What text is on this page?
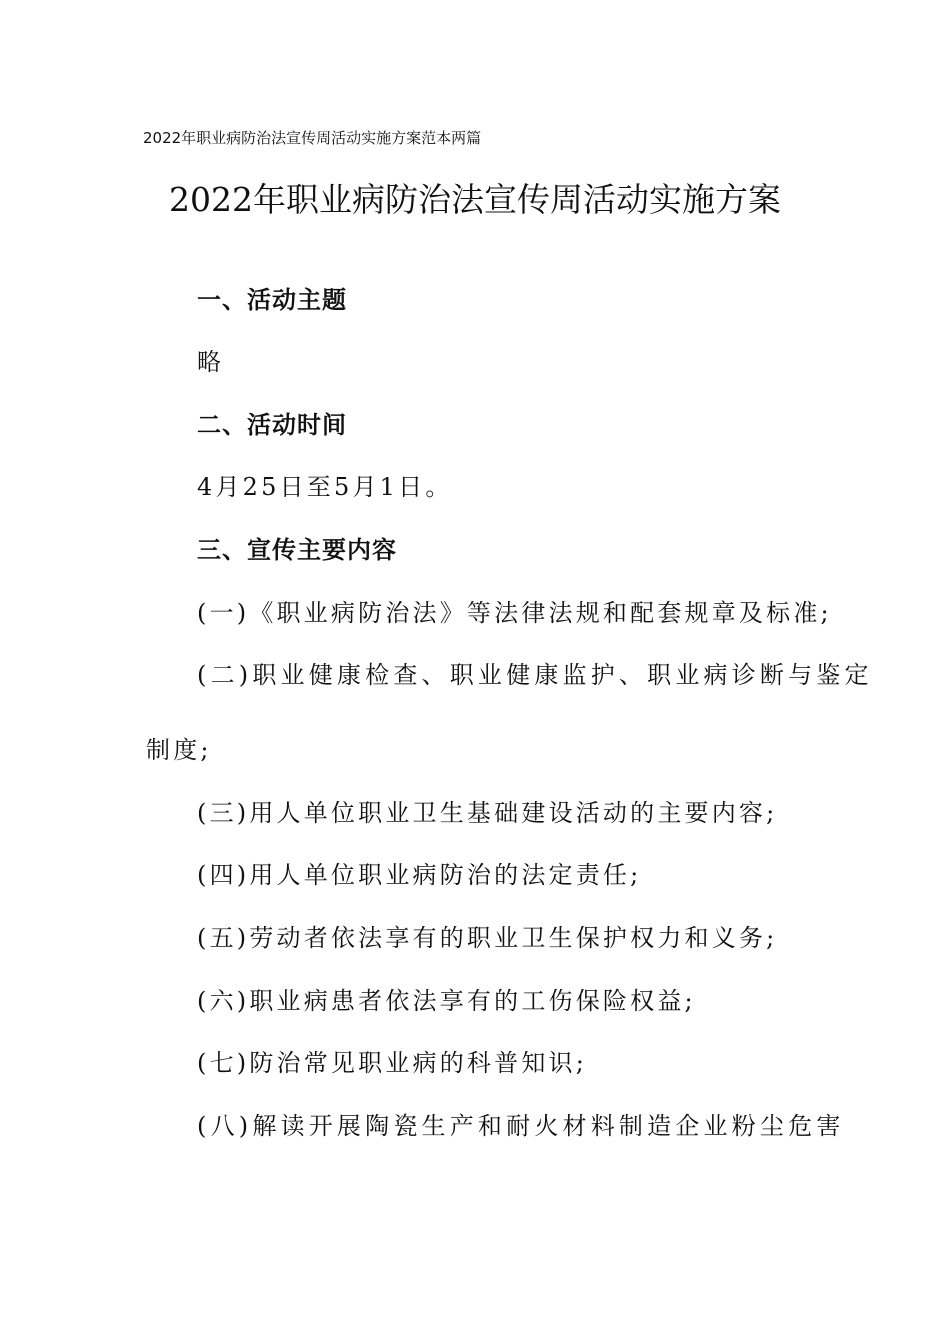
2022年职业病防治法宣传周活动实施方案范本两篇
2022年职业病防治法宣传周活动实施方案
一、活动主题
略
二、活动时间
4月25日至5月1日。
三、宣传主要内容
(一)《职业病防治法》等法律法规和配套规章及标准;
(二)职业健康检查、职业健康监护、职业病诊断与鉴定
制度;
(三)用人单位职业卫生基础建设活动的主要内容;
(四)用人单位职业病防治的法定责任;
(五)劳动者依法享有的职业卫生保护权力和义务;
(六)职业病患者依法享有的工伤保险权益;
(七)防治常见职业病的科普知识;
(八)解读开展陶瓷生产和耐火材料制造企业粉尘危害
